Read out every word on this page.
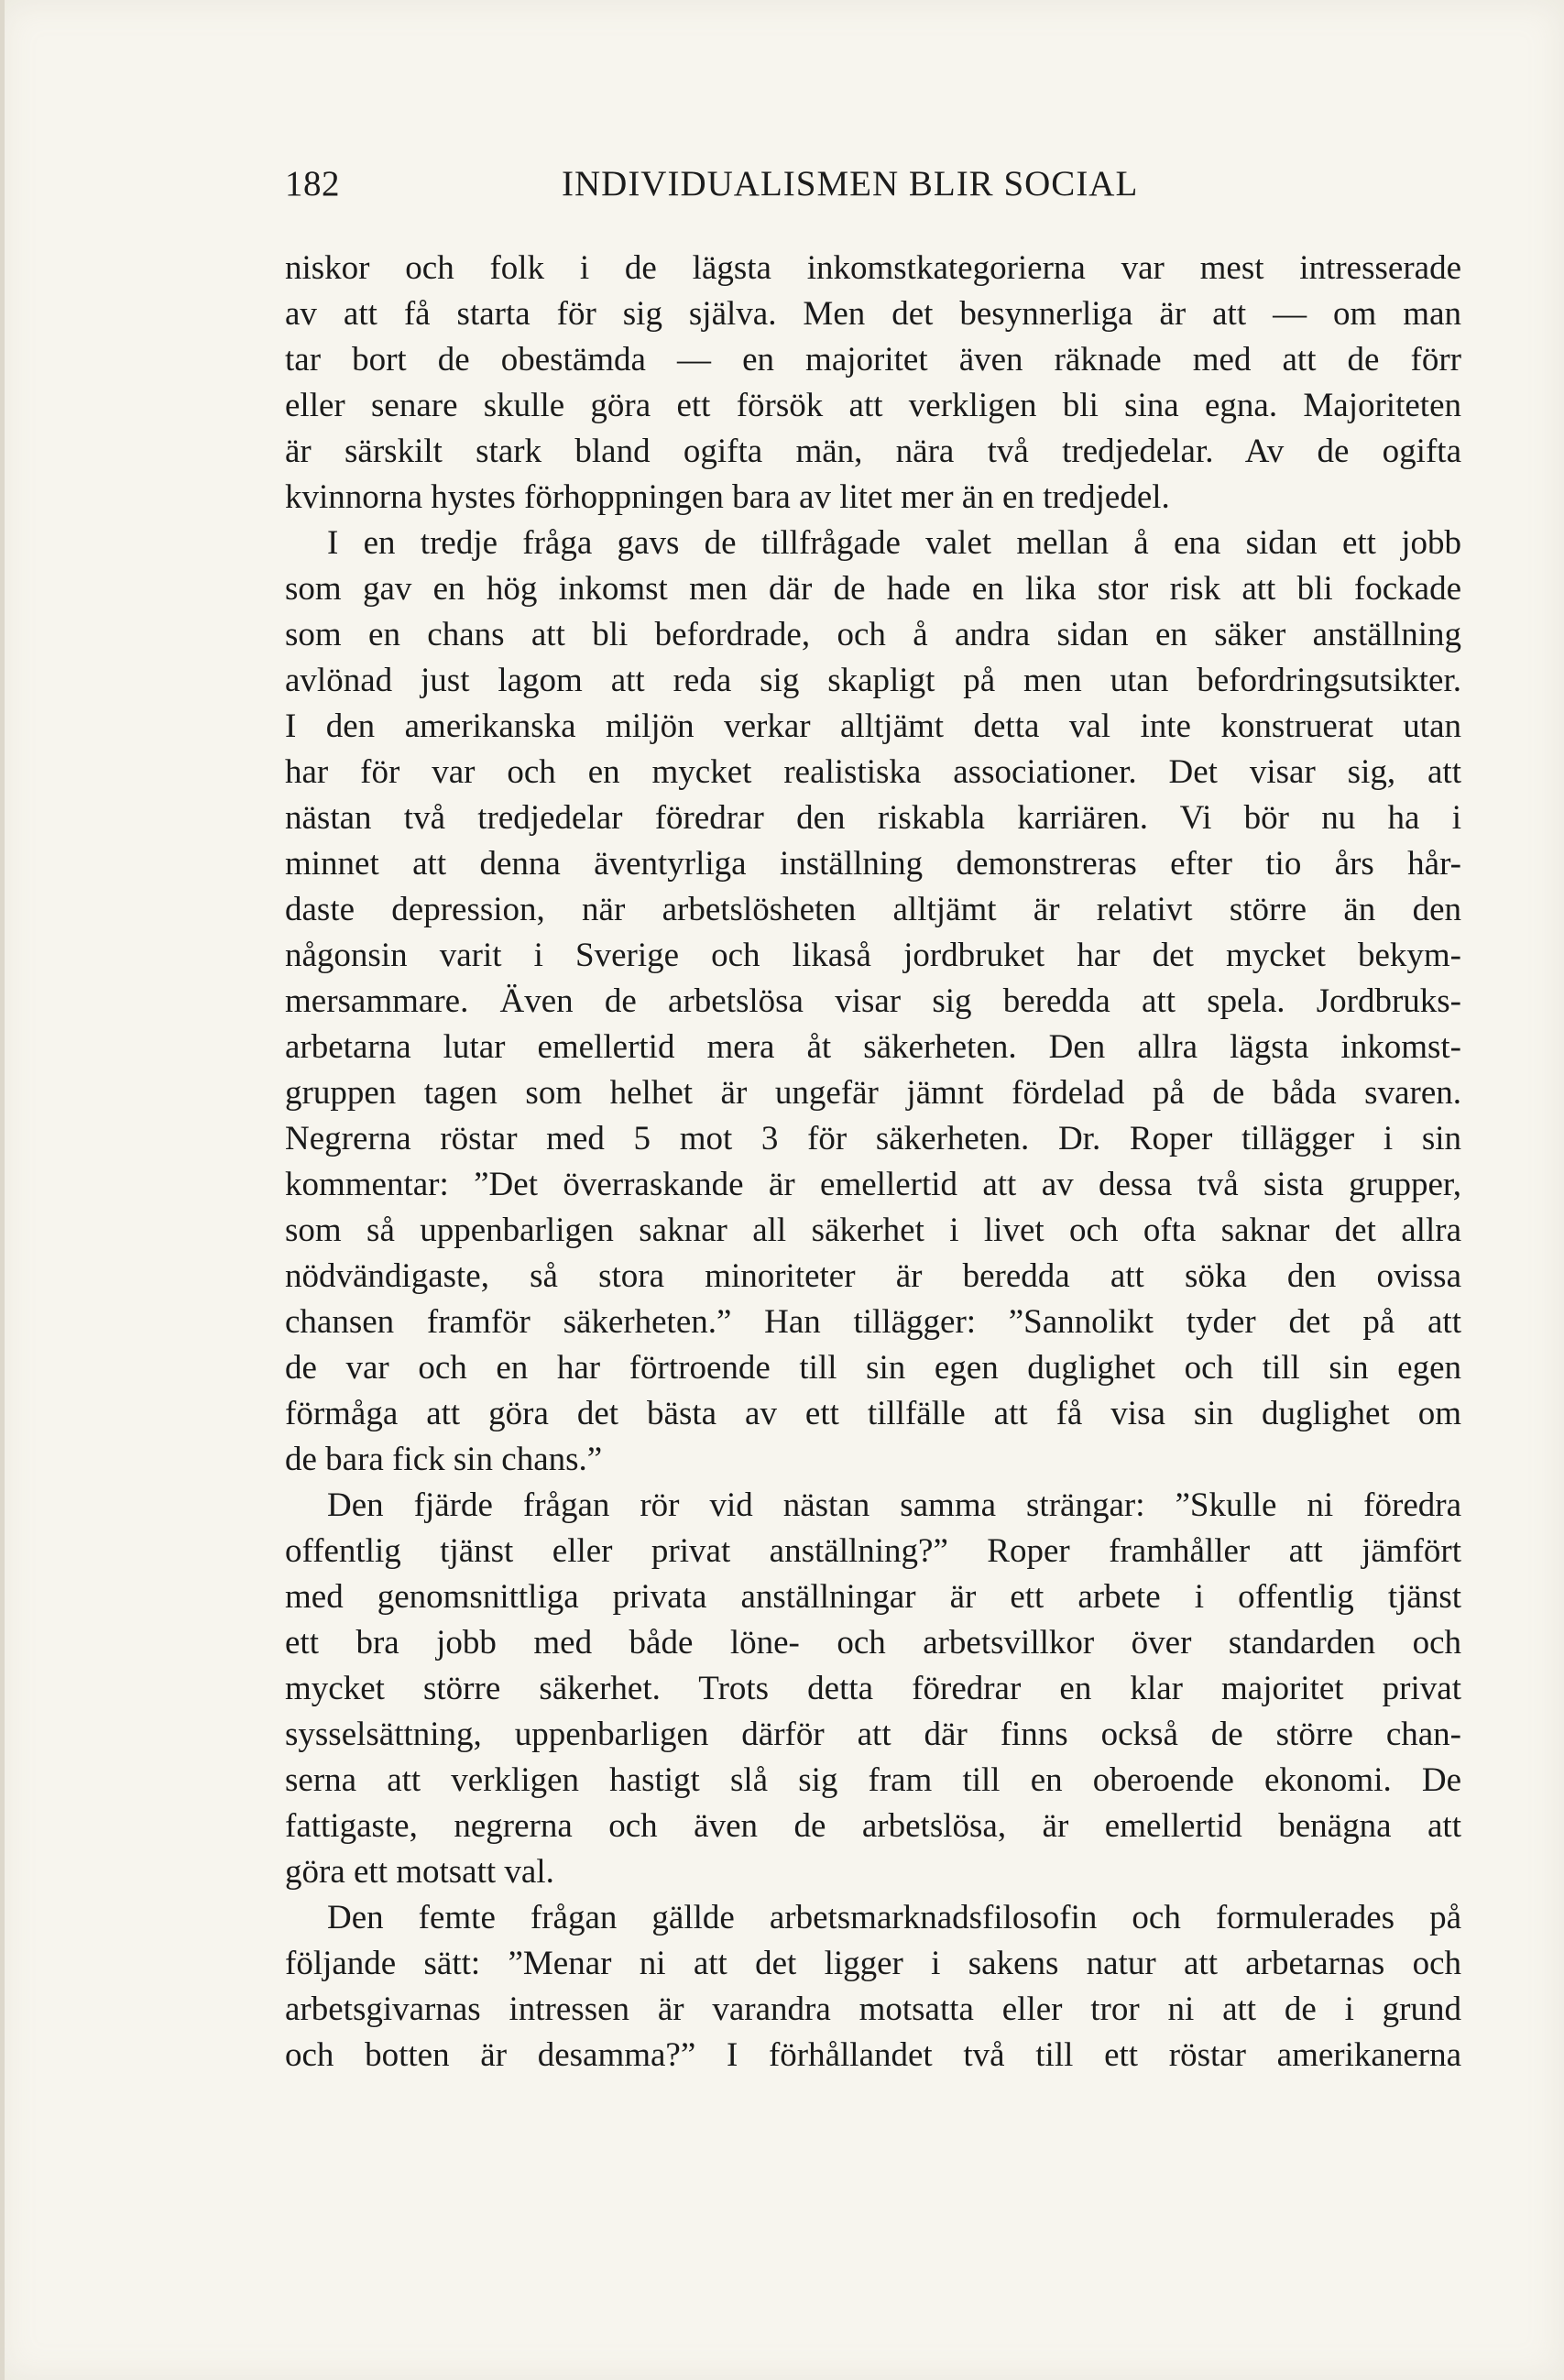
182	INDIVIDUALISMEN BLIR SOCIAL
niskor och folk i de lägsta inkomstkategorierna var mest intresserade
av att få starta för sig själva. Men det besynnerliga är att — om man
tar bort de obestämda — en majoritet även räknade med att de förr
eller senare skulle göra ett försök att verkligen bli sina egna. Majoriteten
är särskilt stark bland ogifta män, nära två tredjedelar. Av de ogifta
kvinnorna hystes förhoppningen bara av litet mer än en tredjedel.
I en tredje fråga gavs de tillfrågade valet mellan å ena sidan ett jobb
som gav en hög inkomst men där de hade en lika stor risk att bli fockade
som en chans att bli befordrade, och å andra sidan en säker anställning
avlönad just lagom att reda sig skapligt på men utan befordringsutsikter.
I den amerikanska miljön verkar alltjämt detta val inte konstruerat utan
har för var och en mycket realistiska associationer. Det visar sig, att
nästan två tredjedelar föredrar den riskabla karriären. Vi bör nu ha i
minnet att denna äventyrliga inställning demonstreras efter tio års hår-
daste depression, när arbetslösheten alltjämt är relativt större än den
någonsin varit i Sverige och likaså jordbruket har det mycket bekym-
mersammare. Även de arbetslösa visar sig beredda att spela. Jordbruks-
arbetarna lutar emellertid mera åt säkerheten. Den allra lägsta inkomst-
gruppen tagen som helhet är ungefär jämnt fördelad på de båda svaren.
Negrerna röstar med 5 mot 3 för säkerheten. Dr. Roper tillägger i sin
kommentar: ”Det överraskande är emellertid att av dessa två sista grupper,
som så uppenbarligen saknar all säkerhet i livet och ofta saknar det allra
nödvändigaste, så stora minoriteter är beredda att söka den ovissa
chansen framför säkerheten.” Han tillägger: ”Sannolikt tyder det på att
de var och en har förtroende till sin egen duglighet och till sin egen
förmåga att göra det bästa av ett tillfälle att få visa sin duglighet om
de bara fick sin chans.”
Den fjärde frågan rör vid nästan samma strängar: ”Skulle ni föredra
offentlig tjänst eller privat anställning?” Roper framhåller att jämfört
med genomsnittliga privata anställningar är ett arbete i offentlig tjänst
ett bra jobb med både löne- och arbetsvillkor över standarden och
mycket större säkerhet. Trots detta föredrar en klar majoritet privat
sysselsättning, uppenbarligen därför att där finns också de större chan-
serna att verkligen hastigt slå sig fram till en oberoende ekonomi. De
fattigaste, negrerna och även de arbetslösa, är emellertid benägna att
göra ett motsatt val.
Den femte frågan gällde arbetsmarknadsfilosofin och formulerades på
följande sätt: ”Menar ni att det ligger i sakens natur att arbetarnas och
arbetsgivarnas intressen är varandra motsatta eller tror ni att de i grund
och botten är desamma?” I förhållandet två till ett röstar amerikanerna
